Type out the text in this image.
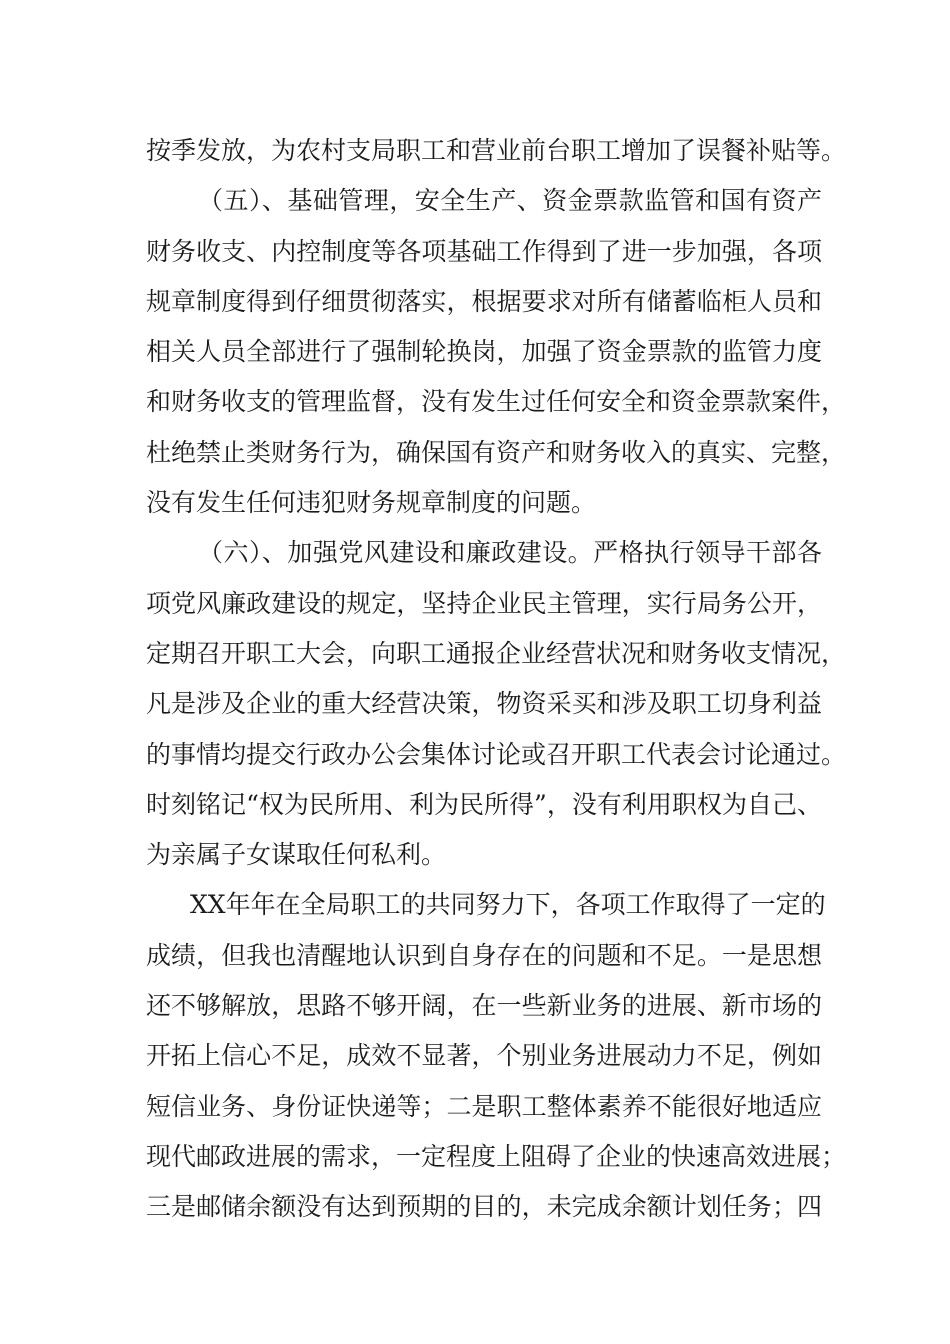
按季发放，为农村支局职工和营业前台职工增加了误餐补贴等。
（五）、基础管理，安全生产、资金票款监管和国有资产
财务收支、内控制度等各项基础工作得到了进一步加强，各项
规章制度得到仔细贯彻落实，根据要求对所有储蓄临柜人员和
相关人员全部进行了强制轮换岗，加强了资金票款的监管力度
和财务收支的管理监督，没有发生过任何安全和资金票款案件，
杜绝禁止类财务行为，确保国有资产和财务收入的真实、完整，
没有发生任何违犯财务规章制度的问题。
（六）、加强党风建设和廉政建设。严格执行领导干部各
项党风廉政建设的规定，坚持企业民主管理，实行局务公开，
定期召开职工大会，向职工通报企业经营状况和财务收支情况，
凡是涉及企业的重大经营决策，物资采买和涉及职工切身利益
的事情均提交行政办公会集体讨论或召开职工代表会讨论通过。
时刻铭记“权为民所用、利为民所得”，没有利用职权为自己、
为亲属子女谋取任何私利。
XX年年在全局职工的共同努力下，各项工作取得了一定的
成绩，但我也清醒地认识到自身存在的问题和不足。一是思想
还不够解放，思路不够开阔，在一些新业务的进展、新市场的
开拓上信心不足，成效不显著，个别业务进展动力不足，例如
短信业务、身份证快递等；二是职工整体素养不能很好地适应
现代邮政进展的需求，一定程度上阻碍了企业的快速高效进展；
三是邮储余额没有达到预期的目的，未完成余额计划任务；四
